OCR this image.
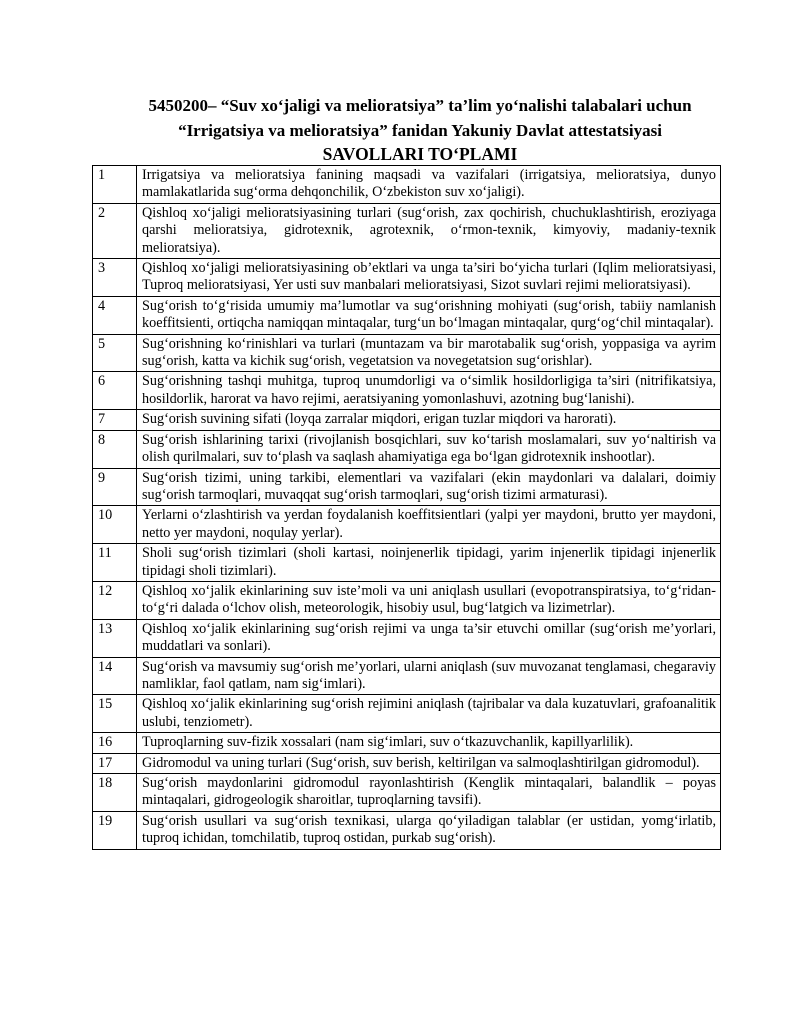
5450200– “Suv xo‘jaligi va melioratsiya” ta’lim yo‘nalishi talabalari uchun
“Irrigatsiya va melioratsiya” fanidan Yakuniy Davlat attestatsiyasi
SAVOLLARI TO‘PLAMI
1	Irrigatsiya va melioratsiya fanining maqsadi va vazifalari (irrigatsiya, melioratsiya, dunyo mamlakatlarida sug‘orma dehqonchilik, O‘zbekiston suv xo‘jaligi).
2	Qishloq xo‘jaligi melioratsiyasining turlari (sug‘orish, zax qochirish, chuchuklashtirish, eroziyaga qarshi melioratsiya, gidrotexnik, agrotexnik, o‘rmon-texnik, kimyoviy, madaniy-texnik melioratsiya).
3	Qishloq xo‘jaligi melioratsiyasining ob’ektlari va unga ta’siri bo‘yicha turlari (Iqlim melioratsiyasi, Tuproq melioratsiyasi, Yer usti suv manbalari melioratsiyasi, Sizot suvlari rejimi melioratsiyasi).
4	Sug‘orish to‘g‘risida umumiy ma’lumotlar va sug‘orishning mohiyati (sug‘orish, tabiiy namlanish koeffitsienti, ortiqcha namiqqan mintaqalar, turg‘un bo‘lmagan mintaqalar, qurg‘og‘chil mintaqalar).
5	Sug‘orishning ko‘rinishlari va turlari (muntazam va bir marotabalik sug‘orish, yoppasiga va ayrim sug‘orish, katta va kichik sug‘orish, vegetatsion va novegetatsion sug‘orishlar).
6	Sug‘orishning tashqi muhitga, tuproq unumdorligi va o‘simlik hosildorligiga ta’siri (nitrifikatsiya, hosildorlik, harorat va havo rejimi, aeratsiyaning yomonlashuvi, azotning bug‘lanishi).
7	Sug‘orish suvining sifati (loyqa zarralar miqdori, erigan tuzlar miqdori va harorati).
8	Sug‘orish ishlarining tarixi (rivojlanish bosqichlari, suv ko‘tarish moslamalari, suv yo‘naltirish va olish qurilmalari, suv to‘plash va saqlash ahamiyatiga ega bo‘lgan gidrotexnik inshootlar).
9	Sug‘orish tizimi, uning tarkibi, elementlari va vazifalari (ekin maydonlari va dalalari, doimiy sug‘orish tarmoqlari, muvaqqat sug‘orish tarmoqlari, sug‘orish tizimi armaturasi).
10	Yerlarni o‘zlashtirish va yerdan foydalanish koeffitsientlari (yalpi yer maydoni, brutto yer maydoni, netto yer maydoni, noqulay yerlar).
11	Sholi sug‘orish tizimlari (sholi kartasi, noinjenerlik tipidagi, yarim injenerlik tipidagi injenerlik tipidagi sholi tizimlari).
12	Qishloq xo‘jalik ekinlarining suv iste’moli va uni aniqlash usullari (evopotranspiratsiya, to‘g‘ridan-to‘g‘ri dalada o‘lchov olish, meteorologik, hisobiy usul, bug‘latgich va lizimetrlar).
13	Qishloq xo‘jalik ekinlarining sug‘orish rejimi va unga ta’sir etuvchi omillar (sug‘orish me’yorlari, muddatlari va sonlari).
14	Sug‘orish va mavsumiy sug‘orish me’yorlari, ularni aniqlash (suv muvozanat tenglamasi, chegaraviy namliklar, faol qatlam, nam sig‘imlari).
15	Qishloq xo‘jalik ekinlarining sug‘orish rejimini aniqlash (tajribalar va dala kuzatuvlari, grafoanalitik uslubi, tenziometr).
16	Tuproqlarning suv-fizik xossalari (nam sig‘imlari, suv o‘tkazuvchanlik, kapillyarlilik).
17	Gidromodul va uning turlari (Sug‘orish, suv berish, keltirilgan va salmoqlashtirilgan gidromodul).
18	Sug‘orish maydonlarini gidromodul rayonlashtirish (Kenglik mintaqalari, balandlik – poyas mintaqalari, gidrogeologik sharoitlar, tuproqlarning tavsifi).
19	Sug‘orish usullari va sug‘orish texnikasi, ularga qo‘yiladigan talablar (er ustidan, yomg‘irlatib, tuproq ichidan, tomchilatib, tuproq ostidan, purkab sug‘orish).
